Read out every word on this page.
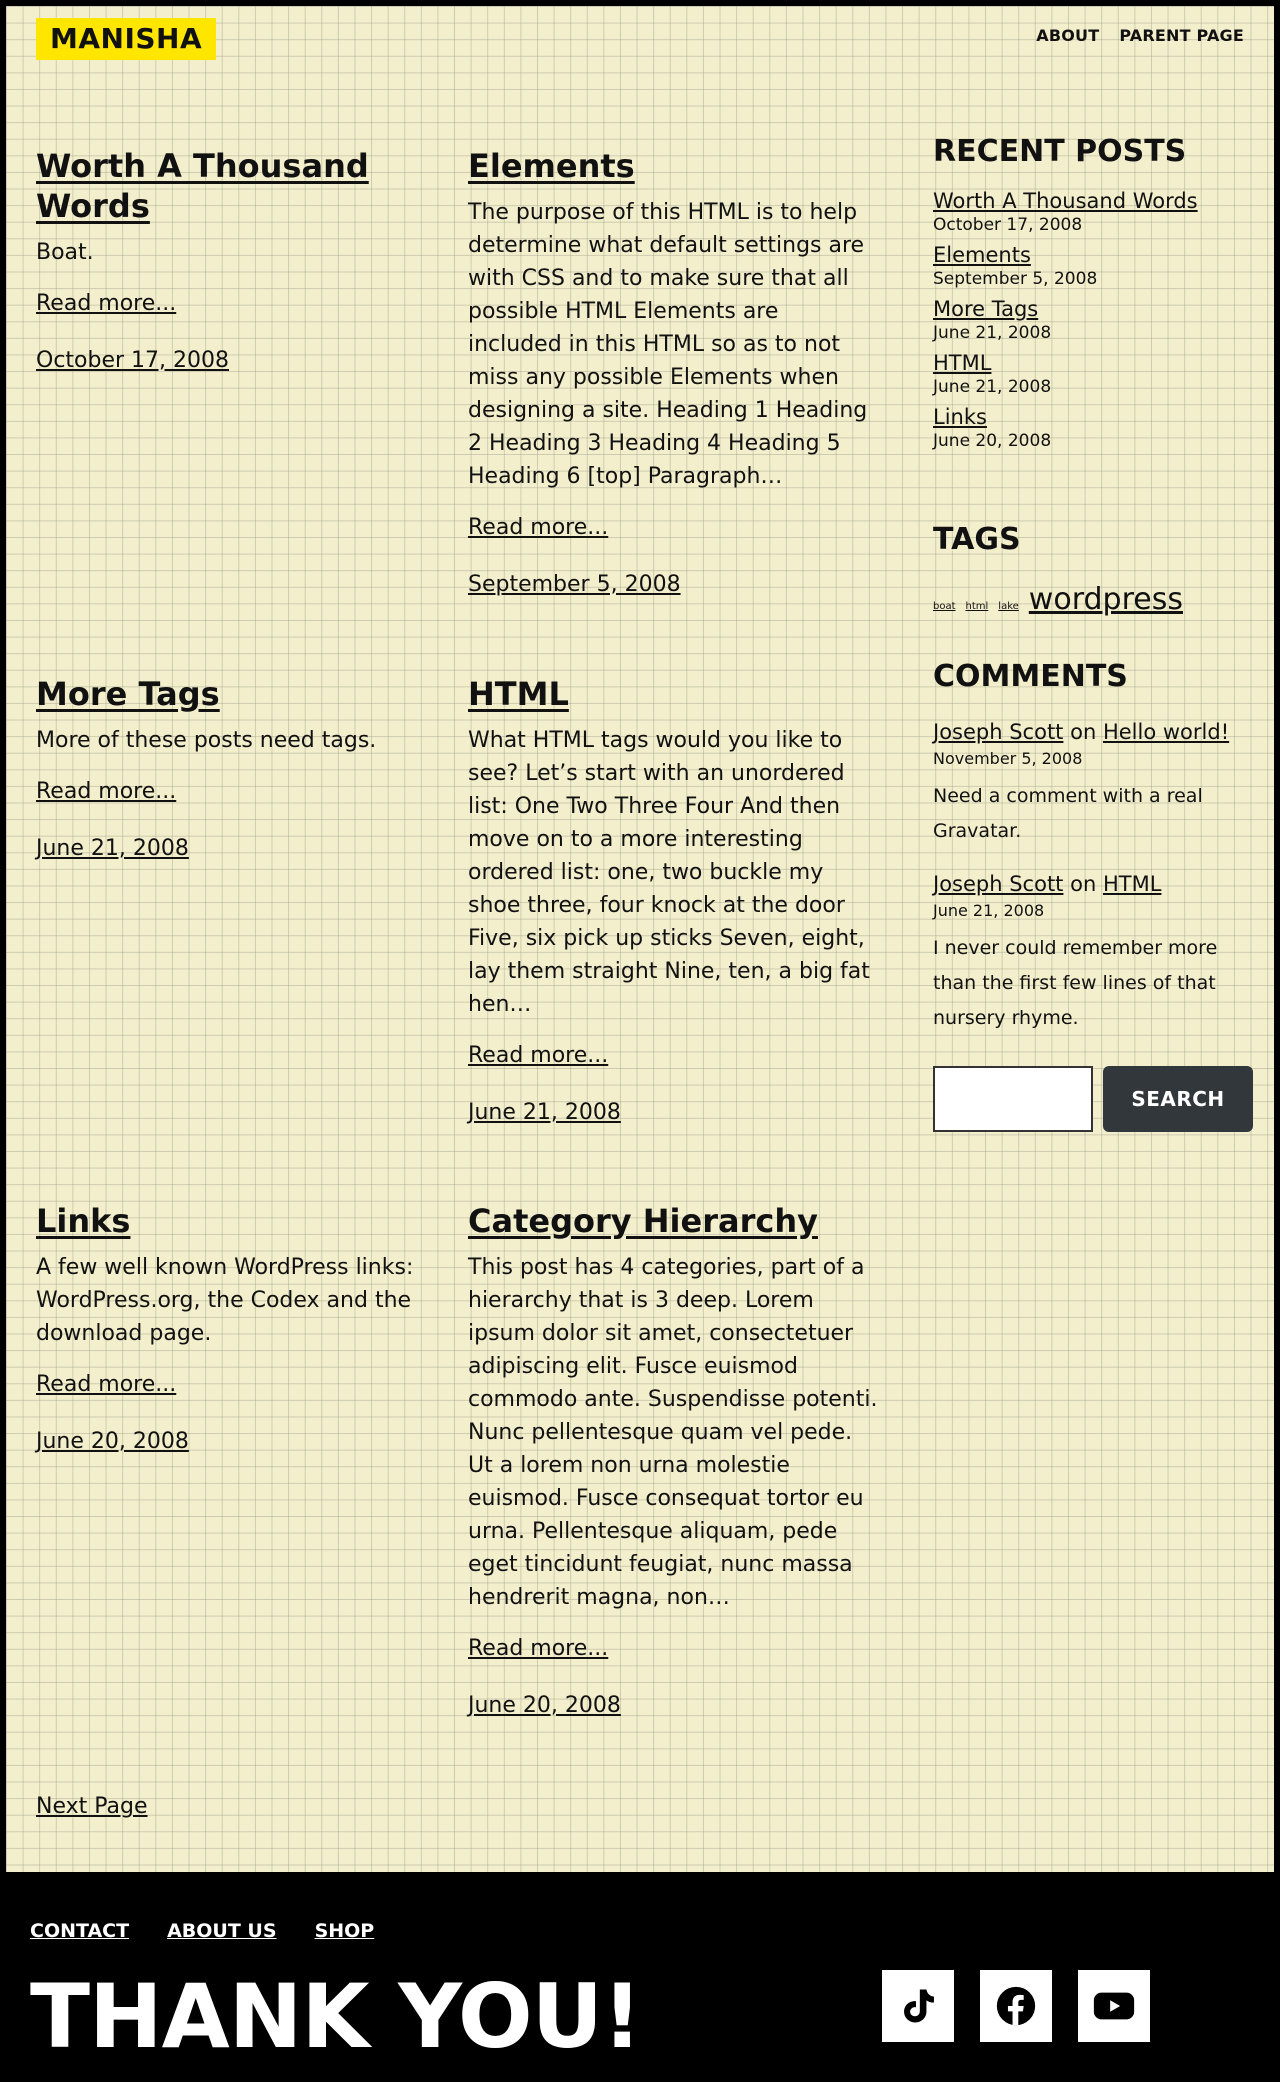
MANISHA	ABOUT PARENT PAGE
Worth A Thousand Words

Boat.

Read more...
October 17, 2008
Elements

The purpose of this HTML is to help determine what default settings are with CSS and to make sure that all possible HTML Elements are included in this HTML so as to not miss any possible Elements when designing a site. Heading 1 Heading 2 Heading 3 Heading 4 Heading 5 Heading 6 [top] Paragraph…

Read more...
September 5, 2008
More Tags

More of these posts need tags.

Read more...
June 21, 2008
HTML

What HTML tags would you like to see? Let’s start with an unordered list: One Two Three Four And then move on to a more interesting ordered list: one, two buckle my shoe three, four knock at the door Five, six pick up sticks Seven, eight, lay them straight Nine, ten, a big fat hen…

Read more...
June 21, 2008
Links

A few well known WordPress links: WordPress.org, the Codex and the download page.

Read more...
June 20, 2008
Category Hierarchy

This post has 4 categories, part of a hierarchy that is 3 deep. Lorem ipsum dolor sit amet, consectetuer adipiscing elit. Fusce euismod commodo ante. Suspendisse potenti. Nunc pellentesque quam vel pede. Ut a lorem non urna molestie euismod. Fusce consequat tortor eu urna. Pellentesque aliquam, pede eget tincidunt feugiat, nunc massa hendrerit magna, non…

Read more...
June 20, 2008
Next Page
RECENT POSTS
Worth A Thousand Words
October 17, 2008
Elements
September 5, 2008
More Tags
June 21, 2008
HTML
June 21, 2008
Links
June 20, 2008
TAGS
boat html lake wordpress
COMMENTS
Joseph Scott on Hello world!
November 5, 2008

Need a comment with a real Gravatar.

Joseph Scott on HTML
June 21, 2008

I never could remember more than the first few lines of that nursery rhyme.

SEARCH
CONTACT ABOUT US SHOP
THANK YOU!
